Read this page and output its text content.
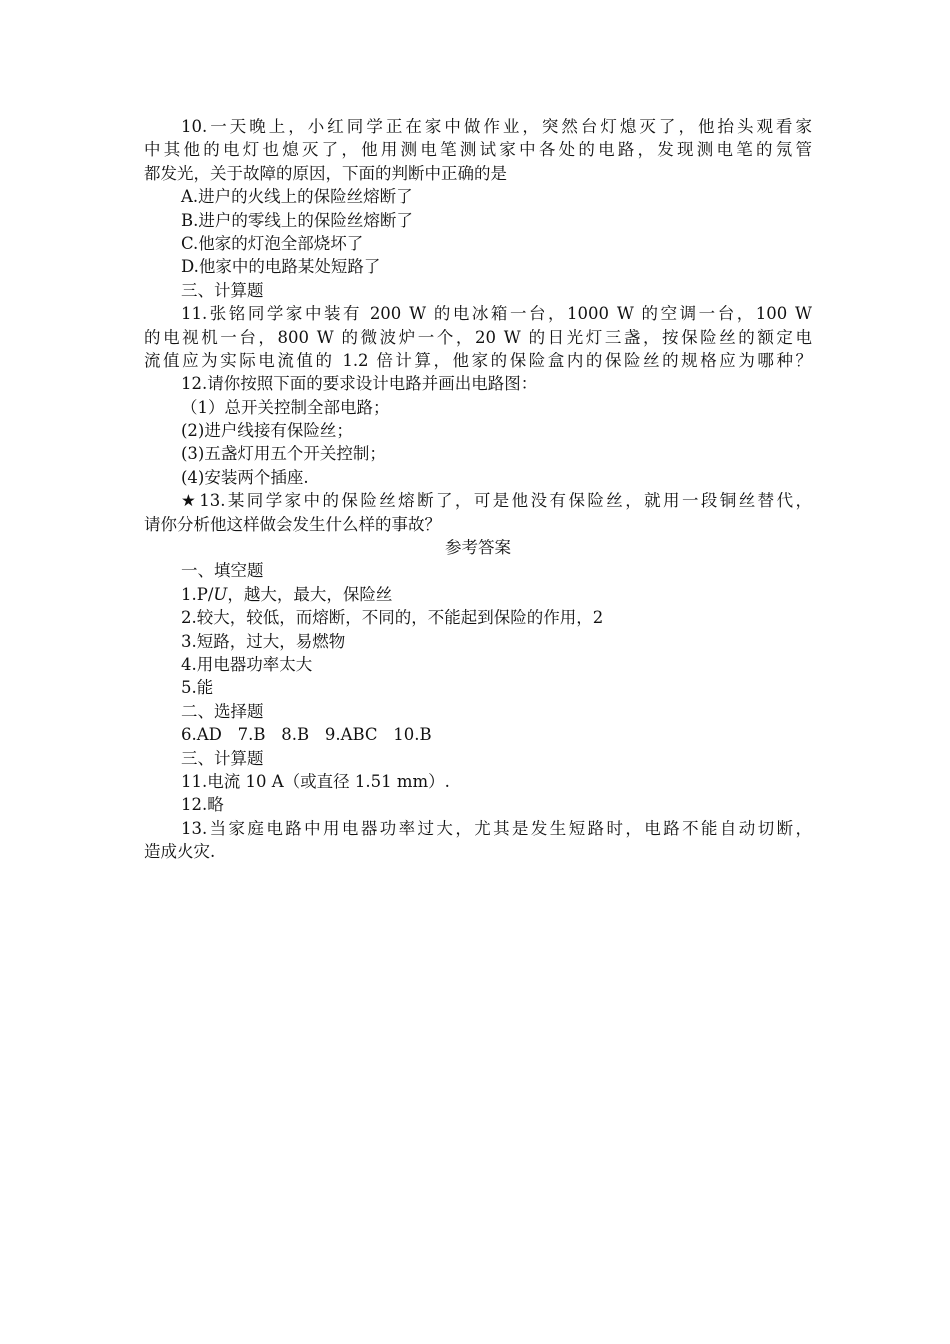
10.一天晚上，小红同学正在家中做作业，突然台灯熄灭了，他抬头观看家
中其他的电灯也熄灭了，他用测电笔测试家中各处的电路，发现测电笔的氖管
都发光，关于故障的原因，下面的判断中正确的是
A.进户的火线上的保险丝熔断了
B.进户的零线上的保险丝熔断了
C.他家的灯泡全部烧坏了
D.他家中的电路某处短路了
三、计算题
11.张铭同学家中装有 200 W 的电冰箱一台，1000 W 的空调一台，100 W
的电视机一台，800 W 的微波炉一个，20 W 的日光灯三盏，按保险丝的额定电
流值应为实际电流值的 1.2 倍计算，他家的保险盒内的保险丝的规格应为哪种？
12.请你按照下面的要求设计电路并画出电路图：
（1）总开关控制全部电路；
(2)进户线接有保险丝；
(3)五盏灯用五个开关控制；
(4)安装两个插座.
★13.某同学家中的保险丝熔断了，可是他没有保险丝，就用一段铜丝替代，
请你分析他这样做会发生什么样的事故？
参考答案
一、填空题
1.P/U，越大，最大，保险丝
2.较大，较低，而熔断，不同的，不能起到保险的作用，2
3.短路，过大，易燃物
4.用电器功率太大
5.能
二、选择题
6.AD   7.B   8.B   9.ABC   10.B
三、计算题
11.电流 10 A（或直径 1.51 mm）.
12.略
13.当家庭电路中用电器功率过大，尤其是发生短路时，电路不能自动切断，
造成火灾.
